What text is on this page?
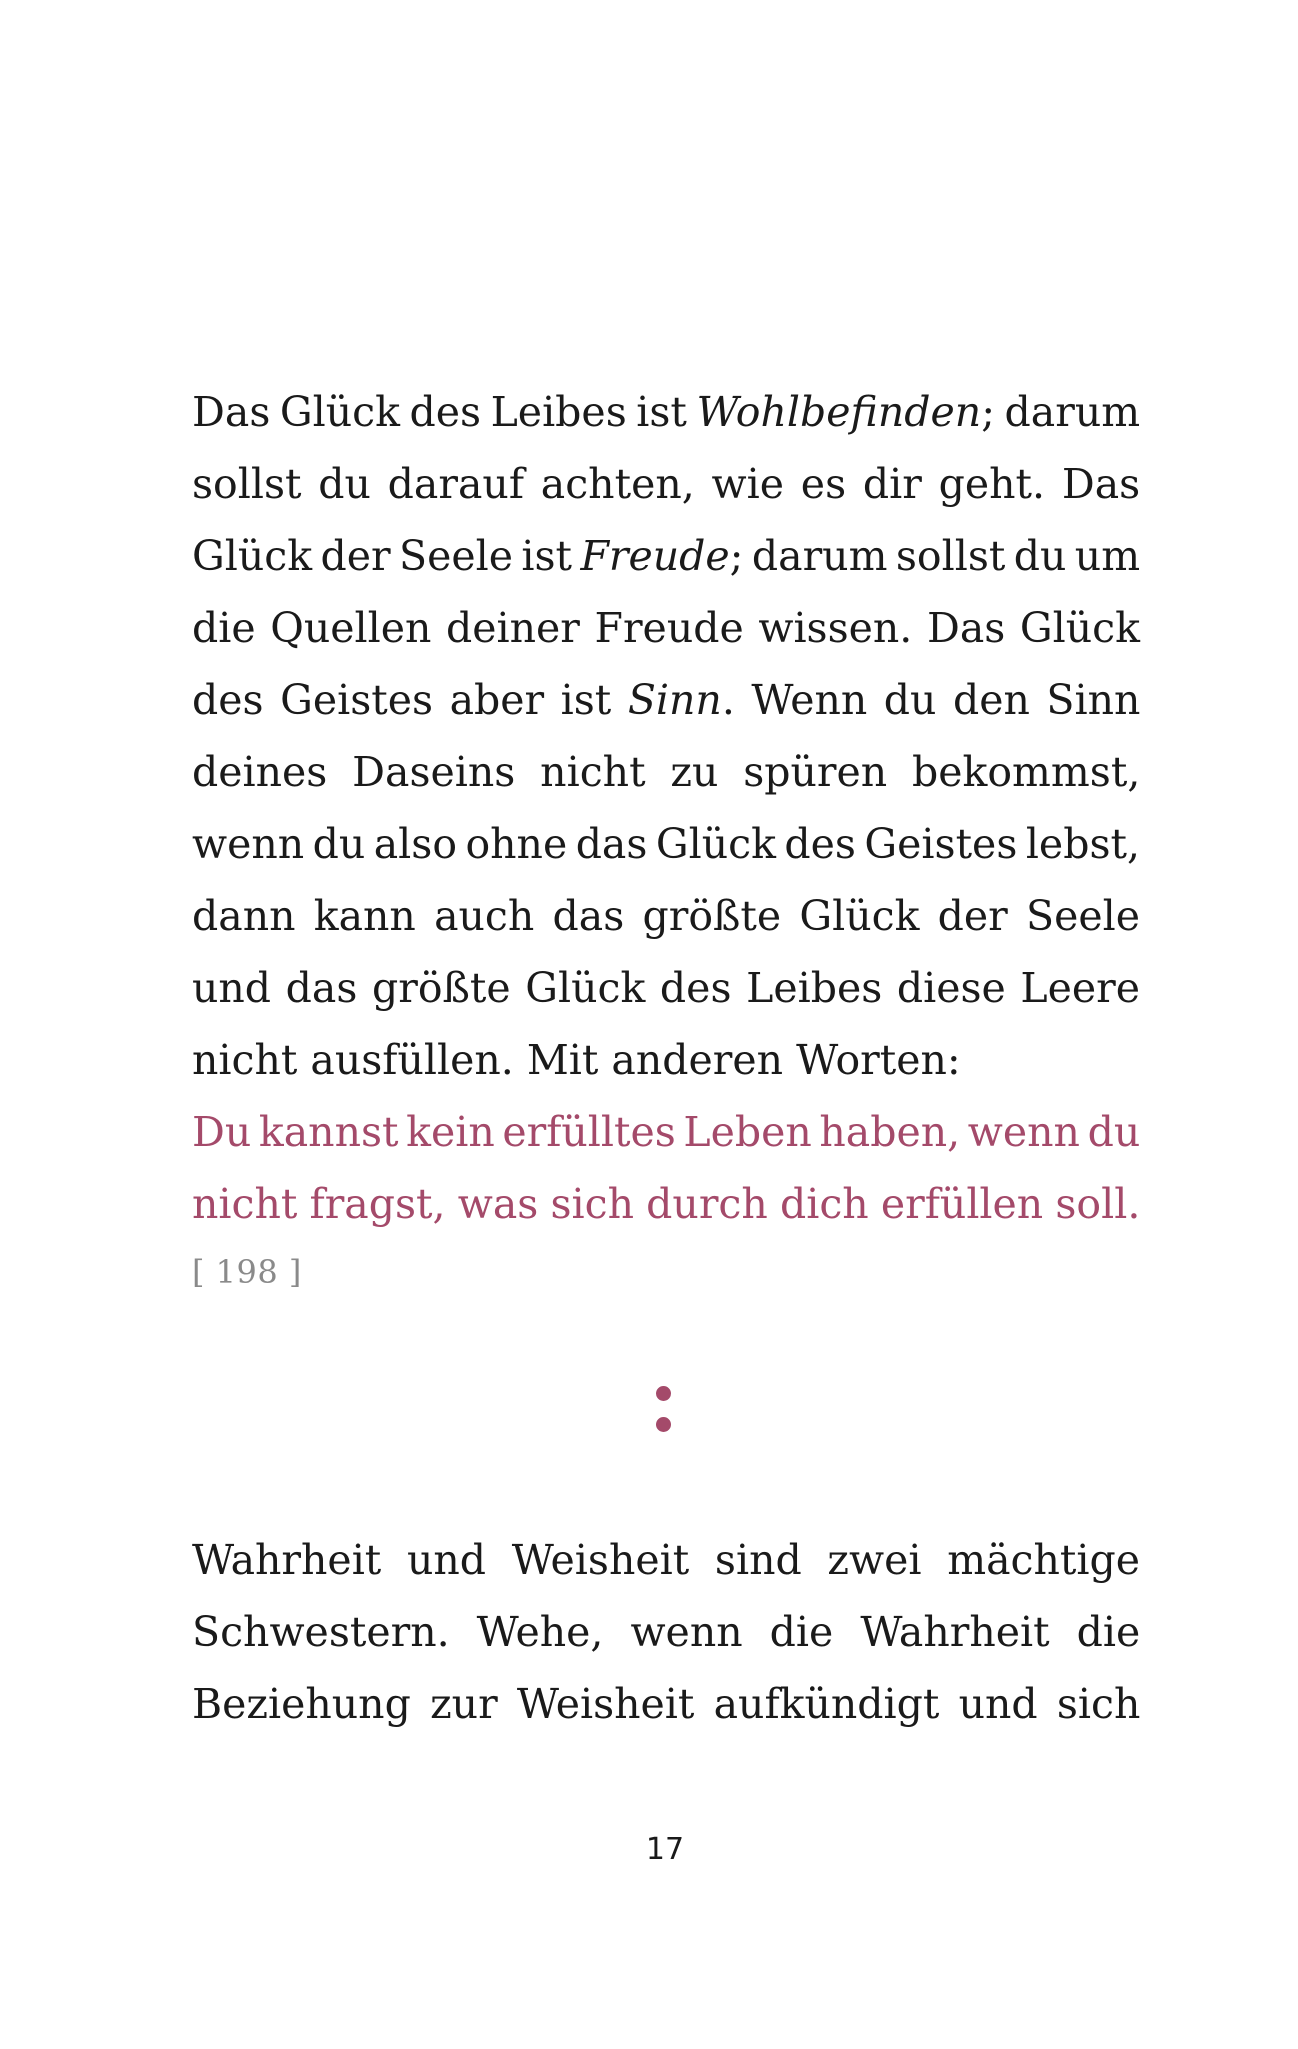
Das Glück des Leibes ist Wohlbefinden; darum
sollst du darauf achten, wie es dir geht. Das
Glück der Seele ist Freude; darum sollst du um
die Quellen deiner Freude wissen. Das Glück
des Geistes aber ist Sinn. Wenn du den Sinn
deines Daseins nicht zu spüren bekommst,
wenn du also ohne das Glück des Geistes lebst,
dann kann auch das größte Glück der Seele
und das größte Glück des Leibes diese Leere
nicht ausfüllen. Mit anderen Worten:
Du kannst kein erfülltes Leben haben, wenn du
nicht fragst, was sich durch dich erfüllen soll.
[ 198 ]
Wahrheit und Weisheit sind zwei mächtige
Schwestern. Wehe, wenn die Wahrheit die
Beziehung zur Weisheit aufkündigt und sich
17
